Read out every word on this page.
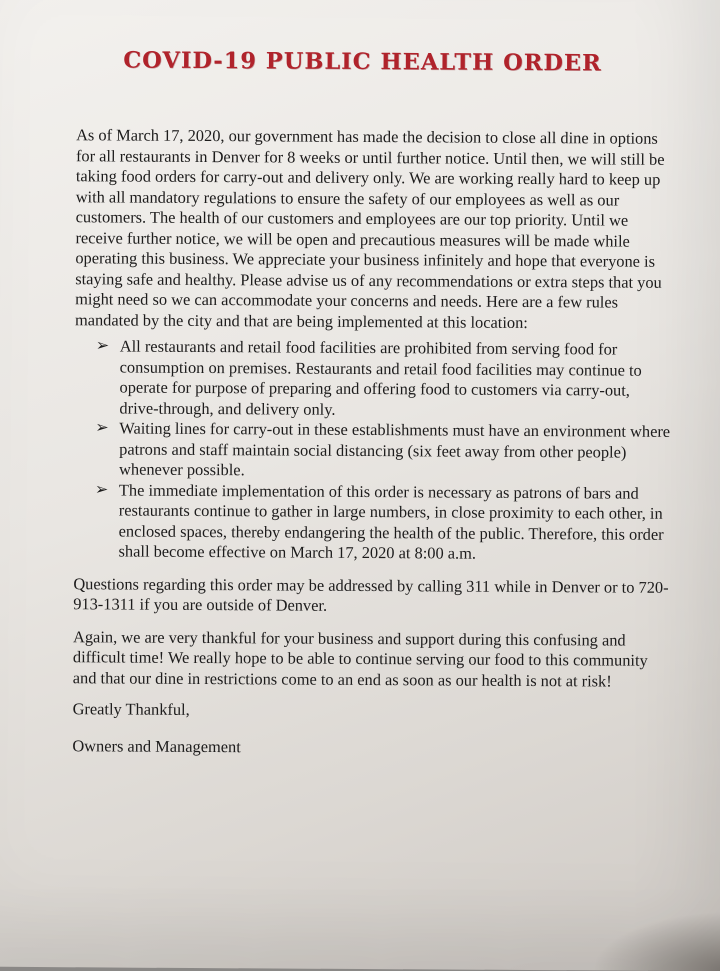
COVID-19 PUBLIC HEALTH ORDER

As of March 17, 2020, our government has made the decision to close all dine in options for all restaurants in Denver for 8 weeks or until further notice. Until then, we will still be taking food orders for carry-out and delivery only. We are working really hard to keep up with all mandatory regulations to ensure the safety of our employees as well as our customers. The health of our customers and employees are our top priority. Until we receive further notice, we will be open and precautious measures will be made while operating this business. We appreciate your business infinitely and hope that everyone is staying safe and healthy. Please advise us of any recommendations or extra steps that you might need so we can accommodate your concerns and needs. Here are a few rules mandated by the city and that are being implemented at this location:

➢ All restaurants and retail food facilities are prohibited from serving food for consumption on premises. Restaurants and retail food facilities may continue to operate for purpose of preparing and offering food to customers via carry-out, drive-through, and delivery only.
➢ Waiting lines for carry-out in these establishments must have an environment where patrons and staff maintain social distancing (six feet away from other people) whenever possible.
➢ The immediate implementation of this order is necessary as patrons of bars and restaurants continue to gather in large numbers, in close proximity to each other, in enclosed spaces, thereby endangering the health of the public. Therefore, this order shall become effective on March 17, 2020 at 8:00 a.m.

Questions regarding this order may be addressed by calling 311 while in Denver or to 720-913-1311 if you are outside of Denver.

Again, we are very thankful for your business and support during this confusing and difficult time! We really hope to be able to continue serving our food to this community and that our dine in restrictions come to an end as soon as our health is not at risk!

Greatly Thankful,

Owners and Management
